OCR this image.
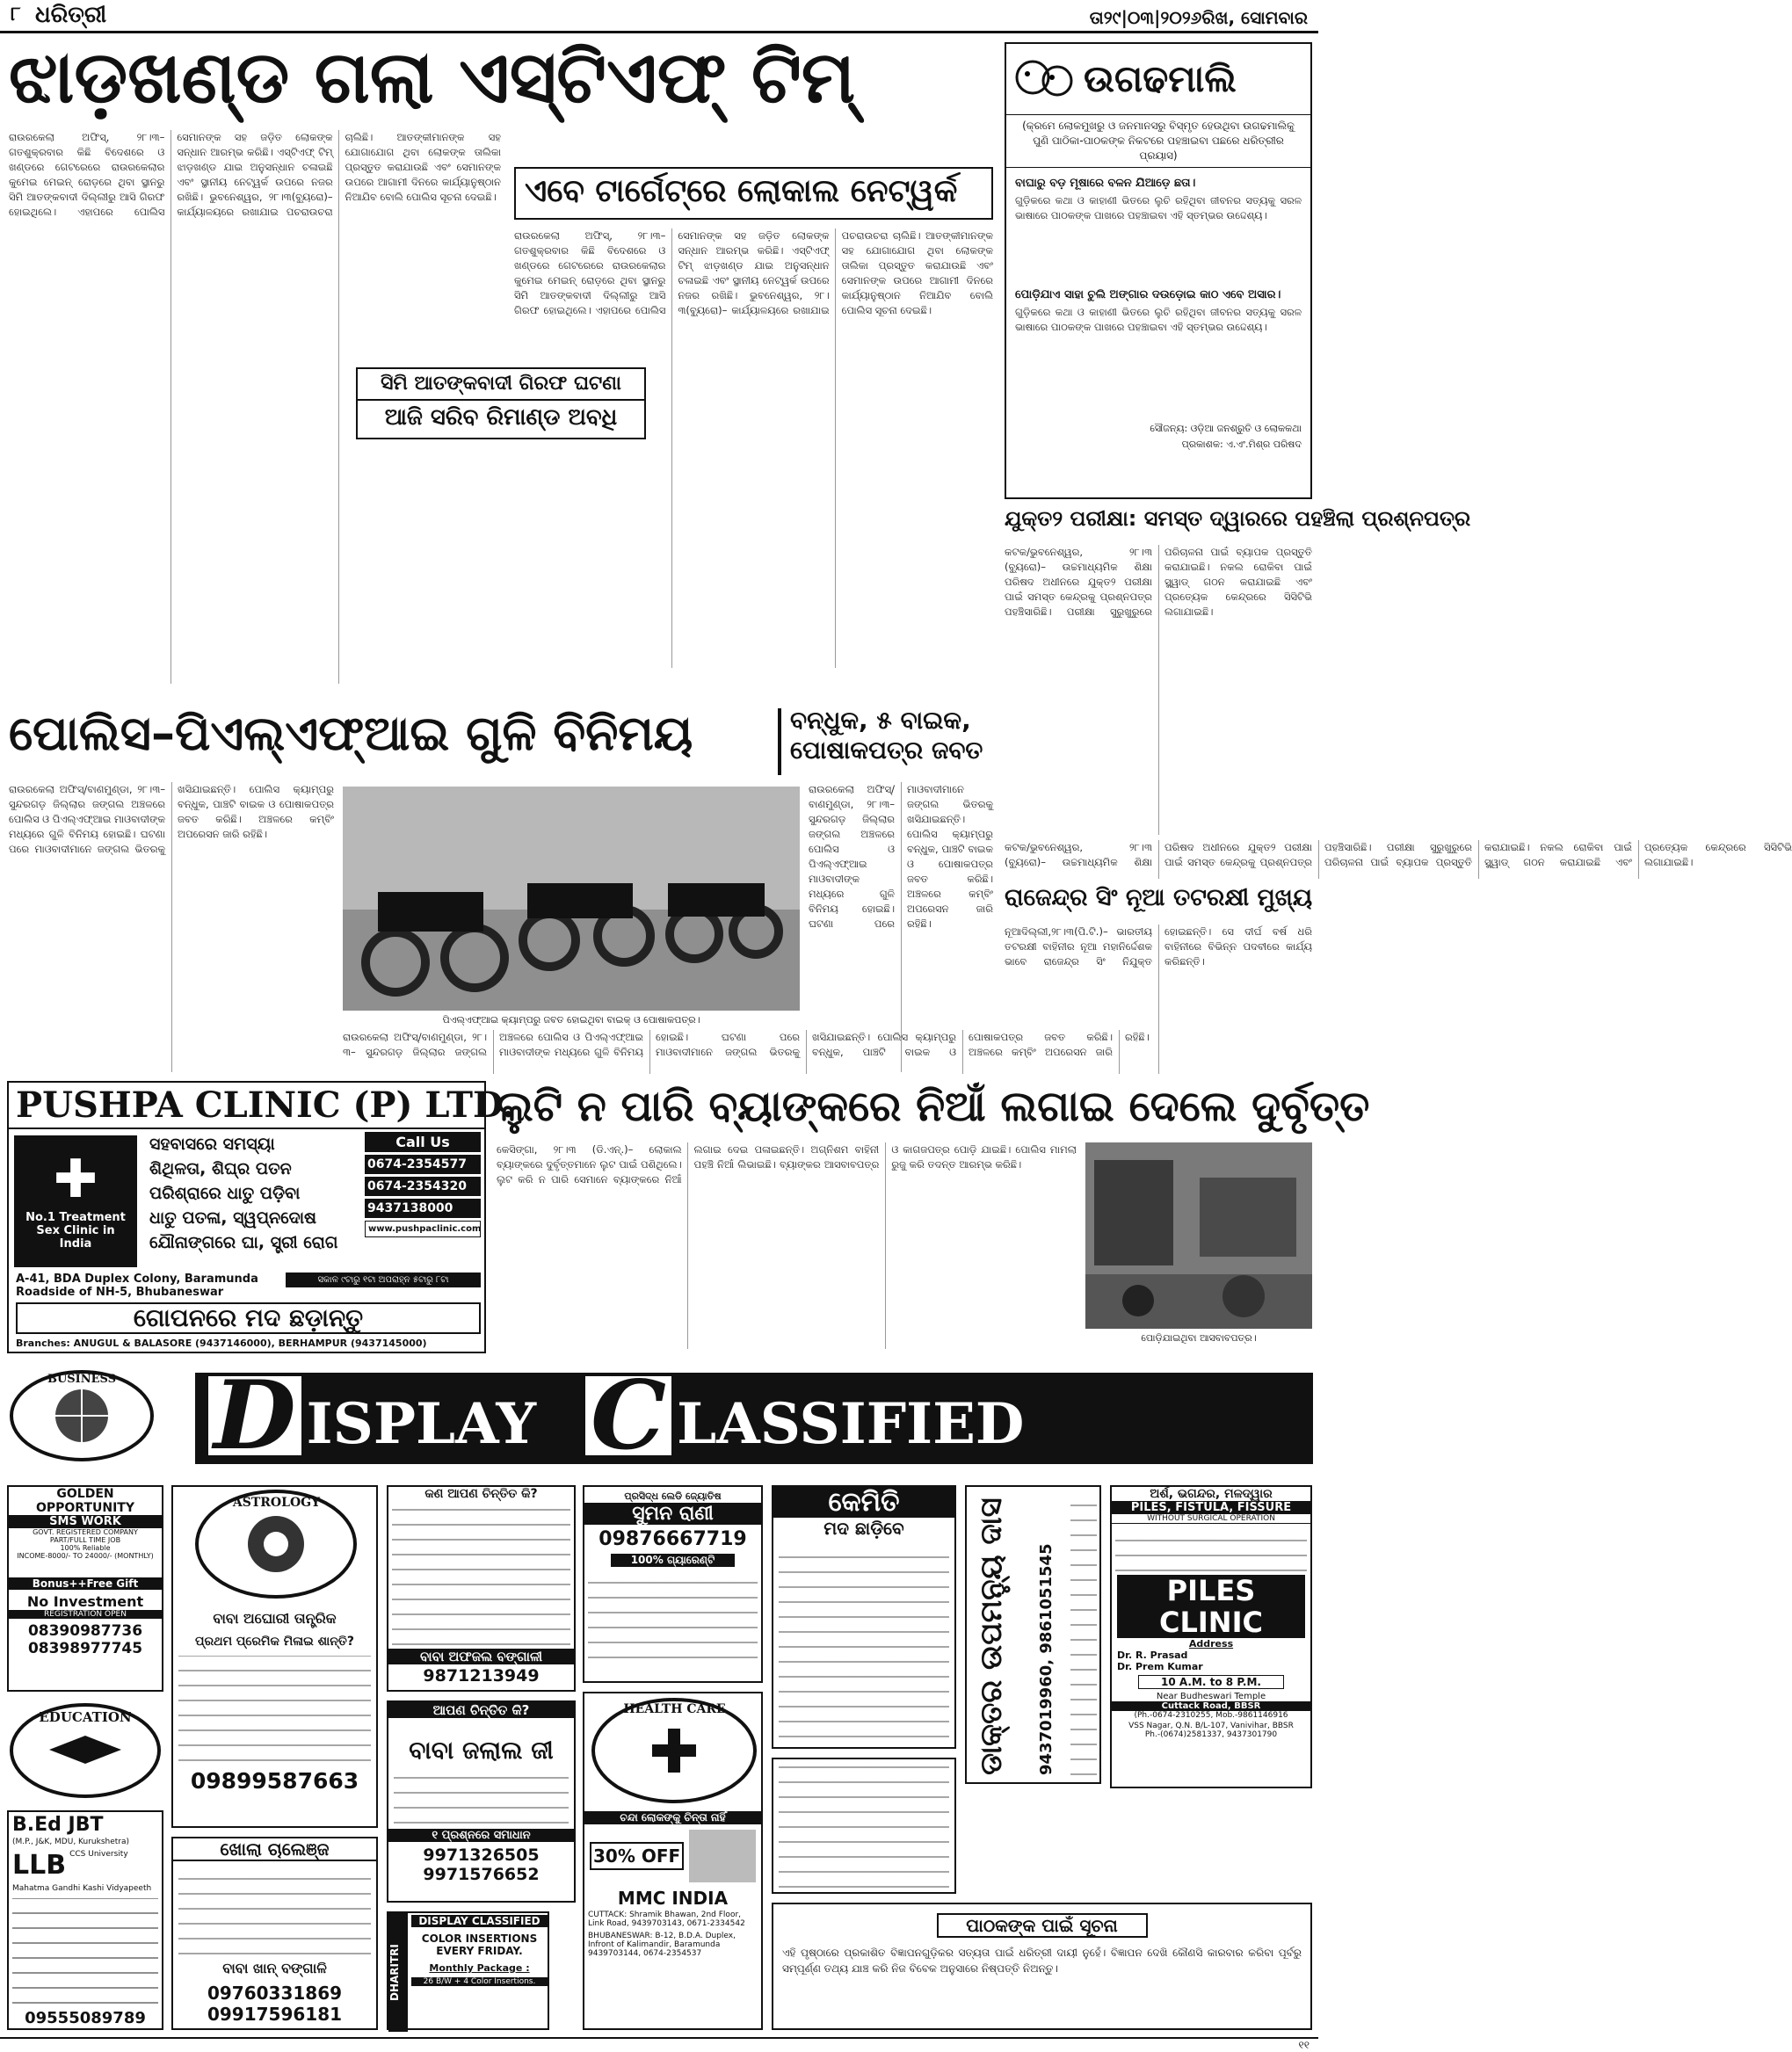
୮ ଧରିତ୍ରୀ	ତା୨୯|୦୩|୨୦୨୬ରିଖ, ସୋମବାର
ଝାଡ଼ଖଣ୍ଡ ଗଲା ଏସ୍‌ଟିଏଫ୍ ଟିମ୍
ରାଉରକେଲା ଅଫିସ୍, ୨୮।୩– ଗତଶୁକ୍ରବାର କିଛି ବିଦେଶରେ ଓ ଖଣ୍ଡରେ ଗେଟରେରେ ରାଉରକେଲାର କୁମେଇ ମେଇନ୍ ରୋଡ଼ରେ ଥିବା ସ୍ଥାନରୁ ସିମି ଆତଙ୍କବାଦୀ ଦିଲ୍ଲୀରୁ ଆସି ଗିରଫ ହୋଇଥିଲେ। ଏହାପରେ ପୋଲିସ ସେମାନଙ୍କ ସହ ଜଡ଼ିତ ଲୋକଙ୍କ ସନ୍ଧାନ ଆରମ୍ଭ କରିଛି। ଏସ୍‌ଟିଏଫ୍ ଟିମ୍ ଝାଡ଼ଖଣ୍ଡ ଯାଇ ଅନୁସନ୍ଧାନ ଚଳାଇଛି ଏବଂ ସ୍ଥାନୀୟ ନେଟ୍‌ୱର୍କ ଉପରେ ନଜର ରଖିଛି। ଭୁବନେଶ୍ୱର, ୨୮।୩(ବ୍ୟୁରୋ)– କାର୍ଯ୍ୟାଳୟରେ ରଖାଯାଇ ପଚରାଉଚରା ଚାଲିଛି। ଆତଙ୍କୀମାନଙ୍କ ସହ ଯୋଗାଯୋଗ ଥିବା ଲୋକଙ୍କ ତାଲିକା ପ୍ରସ୍ତୁତ କରାଯାଉଛି ଏବଂ ସେମାନଙ୍କ ଉପରେ ଆଗାମୀ ଦିନରେ କାର୍ଯ୍ୟାନୁଷ୍ଠାନ ନିଆଯିବ ବୋଲି ପୋଲିସ ସୂଚନା ଦେଇଛି। ଏବେ ଟାର୍ଗେଟ୍‌ରେ ଲୋକାଲ ନେଟ୍‌ୱର୍କ
ରାଉରକେଲା ଅଫିସ୍, ୨୮।୩– ଗତଶୁକ୍ରବାର କିଛି ବିଦେଶରେ ଓ ଖଣ୍ଡରେ ଗେଟରେରେ ରାଉରକେଲାର କୁମେଇ ମେଇନ୍ ରୋଡ଼ରେ ଥିବା ସ୍ଥାନରୁ ସିମି ଆତଙ୍କବାଦୀ ଦିଲ୍ଲୀରୁ ଆସି ଗିରଫ ହୋଇଥିଲେ। ଏହାପରେ ପୋଲିସ ସେମାନଙ୍କ ସହ ଜଡ଼ିତ ଲୋକଙ୍କ ସନ୍ଧାନ ଆରମ୍ଭ କରିଛି। ଏସ୍‌ଟିଏଫ୍ ଟିମ୍ ଝାଡ଼ଖଣ୍ଡ ଯାଇ ଅନୁସନ୍ଧାନ ଚଳାଇଛି ଏବଂ ସ୍ଥାନୀୟ ନେଟ୍‌ୱର୍କ ଉପରେ ନଜର ରଖିଛି। ଭୁବନେଶ୍ୱର, ୨୮।୩(ବ୍ୟୁରୋ)– କାର୍ଯ୍ୟାଳୟରେ ରଖାଯାଇ ପଚରାଉଚରା ଚାଲିଛି। ଆତଙ୍କୀମାନଙ୍କ ସହ ଯୋଗାଯୋଗ ଥିବା ଲୋକଙ୍କ ତାଲିକା ପ୍ରସ୍ତୁତ କରାଯାଉଛି ଏବଂ ସେମାନଙ୍କ ଉପରେ ଆଗାମୀ ଦିନରେ କାର୍ଯ୍ୟାନୁଷ୍ଠାନ ନିଆଯିବ ବୋଲି ପୋଲିସ ସୂଚନା ଦେଇଛି।
ସିମି ଆତଙ୍କବାଦୀ ଗିରଫ ଘଟଣା
ଆଜି ସରିବ ରିମାଣ୍ଡ ଅବଧି
ଉଗଢମାଲି
(କ୍ରମେ ଲୋକମୁଖରୁ ଓ ଜନମାନସରୁ ବିସ୍ମୃତ ହେଉଥିବା ଉଗଢମାଲିକୁ ପୁଣି ପାଠିକା-ପାଠକଙ୍କ ନିକଟରେ ପହଞ୍ଚାଇବା ପଛରେ ଧରିତ୍ରୀର ପ୍ରୟାସ)
ବାଘାରୁ ବଡ଼ ମୂଷାରେ ବଳନ ଯିଆଡ଼େ ଛତା।
ଗୁଡ଼ିକରେ କଥା ଓ କାହାଣୀ ଭିତରେ ଲୁଚି ରହିଥିବା ଜୀବନର ସତ୍ୟକୁ ସରଳ ଭାଷାରେ ପାଠକଙ୍କ ପାଖରେ ପହଞ୍ଚାଇବା ଏହି ସ୍ତମ୍ଭର ଉଦ୍ଦେଶ୍ୟ।
ପୋଡ଼ିଯାଏ ସାହା ଚୁଲି ଅଙ୍ଗାର ଦଉଡ଼ୋଇ କାଠ ଏବେ ଅସାର।
ଗୁଡ଼ିକରେ କଥା ଓ କାହାଣୀ ଭିତରେ ଲୁଚି ରହିଥିବା ଜୀବନର ସତ୍ୟକୁ ସରଳ ଭାଷାରେ ପାଠକଙ୍କ ପାଖରେ ପହଞ୍ଚାଇବା ଏହି ସ୍ତମ୍ଭର ଉଦ୍ଦେଶ୍ୟ।
ସୌଜନ୍ୟ: ଓଡ଼ିଆ ଜନଶ୍ରୁତି ଓ ଲୋକକଥା
ପ୍ରକାଶକ: ଏ.ଏଂ.ମିଶ୍ର ପରିଷଦ
ଯୁକ୍ତ୨ ପରୀକ୍ଷା: ସମସ୍ତ ଦ୍ୱାରରେ ପହଞ୍ଚିଲା ପ୍ରଶ୍ନପତ୍ର
କଟକ/ଭୁବନେଶ୍ୱର, ୨୮।୩ (ବ୍ୟୁରୋ)– ଉଚ୍ଚମାଧ୍ୟମିକ ଶିକ୍ଷା ପରିଷଦ ଅଧୀନରେ ଯୁକ୍ତ୨ ପରୀକ୍ଷା ପାଇଁ ସମସ୍ତ କେନ୍ଦ୍ରକୁ ପ୍ରଶ୍ନପତ୍ର ପହଞ୍ଚିସାରିଛି। ପରୀକ୍ଷା ସୁରୁଖୁରୁରେ ପରିଚାଳନା ପାଇଁ ବ୍ୟାପକ ପ୍ରସ୍ତୁତି କରାଯାଇଛି। ନକଲ ରୋକିବା ପାଇଁ ସ୍କ୍ୱାଡ୍ ଗଠନ କରାଯାଇଛି ଏବଂ ପ୍ରତ୍ୟେକ କେନ୍ଦ୍ରରେ ସିସିଟିଭି ଲଗାଯାଇଛି।
ପୋଲିସ–ପିଏଲ୍‌ଏଫ୍‌ଆଇ ଗୁଳି ବିନିମୟ	ବନ୍ଧୁକ, ୫ ବାଇକ,
ପୋଷାକପତ୍ର ଜବତ
ରାଉରକେଲା ଅଫିସ୍/ବାଣମୁଣ୍ଡା, ୨୮।୩– ସୁନ୍ଦରଗଡ଼ ଜିଲ୍ଲାର ଜଙ୍ଗଲ ଅଞ୍ଚଳରେ ପୋଲିସ ଓ ପିଏଲ୍‌ଏଫ୍‌ଆଇ ମାଓବାଦୀଙ୍କ ମଧ୍ୟରେ ଗୁଳି ବିନିମୟ ହୋଇଛି। ଘଟଣା ପରେ ମାଓବାଦୀମାନେ ଜଙ୍ଗଲ ଭିତରକୁ ଖସିଯାଇଛନ୍ତି। ପୋଲିସ କ୍ୟାମ୍ପରୁ ବନ୍ଧୁକ, ପାଞ୍ଚଟି ବାଇକ ଓ ପୋଷାକପତ୍ର ଜବତ କରିଛି। ଅଞ୍ଚଳରେ କମ୍ବିଂ ଅପରେସନ ଜାରି ରହିଛି।
ପିଏଲ୍‌ଏଫ୍‌ଆଇ କ୍ୟାମ୍ପରୁ ଜବତ ହୋଇଥିବା ବାଇକ୍ ଓ ପୋଷାକପତ୍ର।
ରାଉରକେଲା ଅଫିସ୍/ବାଣମୁଣ୍ଡା, ୨୮।୩– ସୁନ୍ଦରଗଡ଼ ଜିଲ୍ଲାର ଜଙ୍ଗଲ ଅଞ୍ଚଳରେ ପୋଲିସ ଓ ପିଏଲ୍‌ଏଫ୍‌ଆଇ ମାଓବାଦୀଙ୍କ ମଧ୍ୟରେ ଗୁଳି ବିନିମୟ ହୋଇଛି। ଘଟଣା ପରେ ମାଓବାଦୀମାନେ ଜଙ୍ଗଲ ଭିତରକୁ ଖସିଯାଇଛନ୍ତି। ପୋଲିସ କ୍ୟାମ୍ପରୁ ବନ୍ଧୁକ, ପାଞ୍ଚଟି ବାଇକ ଓ ପୋଷାକପତ୍ର ଜବତ କରିଛି। ଅଞ୍ଚଳରେ କମ୍ବିଂ ଅପରେସନ ଜାରି ରହିଛି।
ରାଉରକେଲା ଅଫିସ୍/ବାଣମୁଣ୍ଡା, ୨୮।୩– ସୁନ୍ଦରଗଡ଼ ଜିଲ୍ଲାର ଜଙ୍ଗଲ ଅଞ୍ଚଳରେ ପୋଲିସ ଓ ପିଏଲ୍‌ଏଫ୍‌ଆଇ ମାଓବାଦୀଙ୍କ ମଧ୍ୟରେ ଗୁଳି ବିନିମୟ ହୋଇଛି। ଘଟଣା ପରେ ମାଓବାଦୀମାନେ ଜଙ୍ଗଲ ଭିତରକୁ ଖସିଯାଇଛନ୍ତି। ପୋଲିସ କ୍ୟାମ୍ପରୁ ବନ୍ଧୁକ, ପାଞ୍ଚଟି ବାଇକ ଓ ପୋଷାକପତ୍ର ଜବତ କରିଛି। ଅଞ୍ଚଳରେ କମ୍ବିଂ ଅପରେସନ ଜାରି ରହିଛି।
କଟକ/ଭୁବନେଶ୍ୱର, ୨୮।୩ (ବ୍ୟୁରୋ)– ଉଚ୍ଚମାଧ୍ୟମିକ ଶିକ୍ଷା ପରିଷଦ ଅଧୀନରେ ଯୁକ୍ତ୨ ପରୀକ୍ଷା ପାଇଁ ସମସ୍ତ କେନ୍ଦ୍ରକୁ ପ୍ରଶ୍ନପତ୍ର ପହଞ୍ଚିସାରିଛି। ପରୀକ୍ଷା ସୁରୁଖୁରୁରେ ପରିଚାଳନା ପାଇଁ ବ୍ୟାପକ ପ୍ରସ୍ତୁତି କରାଯାଇଛି। ନକଲ ରୋକିବା ପାଇଁ ସ୍କ୍ୱାଡ୍ ଗଠନ କରାଯାଇଛି ଏବଂ ପ୍ରତ୍ୟେକ କେନ୍ଦ୍ରରେ ସିସିଟିଭି ଲଗାଯାଇଛି।
ରାଜେନ୍ଦ୍ର ସିଂ ନୂଆ ତଟରକ୍ଷୀ ମୁଖ୍ୟ
ନୂଆଦିଲ୍ଲୀ,୨୮।୩(ପି.ଟି.)– ଭାରତୀୟ ତଟରକ୍ଷୀ ବାହିନୀର ନୂଆ ମହାନିର୍ଦ୍ଦେଶକ ଭାବେ ରାଜେନ୍ଦ୍ର ସିଂ ନିଯୁକ୍ତ ହୋଇଛନ୍ତି। ସେ ଦୀର୍ଘ ବର୍ଷ ଧରି ବାହିନୀରେ ବିଭିନ୍ନ ପଦବୀରେ କାର୍ଯ୍ୟ କରିଛନ୍ତି।
PUSHPA CLINIC (P) LTD.
✚
No.1 Treatment Sex Clinic in India
ସହବାସରେ ସମସ୍ୟା
ଶିଥିଳତା, ଶିଘ୍ର ପତନ
ପରିଶ୍ରାରେ ଧାତୁ ପଡ଼ିବା
ଧାତୁ ପତଳା, ସ୍ୱପ୍ନଦୋଷ
ଯୌନାଙ୍ଗରେ ଘା, ସ୍ତ୍ରୀ ରୋଗ
Call Us
0674-2354577
0674-2354320
9437138000
www.pushpaclinic.com
A-41, BDA Duplex Colony, Baramunda
Roadside of NH-5, Bhubaneswar
ସକାଳ ୯ଟାରୁ ୧ଟା ଅପରାହ୍ନ ୫ଟାରୁ ୮ଟା
ଗୋପନରେ ମଦ ଛଡ଼ାନ୍ତୁ
Branches: ANUGUL & BALASORE (9437146000), BERHAMPUR (9437145000)
ଲୁଟି ନ ପାରି ବ୍ୟାଙ୍କରେ ନିଆଁ ଲଗାଇ ଦେଲେ ଦୁର୍ବୃତ୍ତ
କେସିଙ୍ଗା, ୨୮।୩ (ଡି.ଏନ୍.)– ଲୋକାଲ ବ୍ୟାଙ୍କରେ ଦୁର୍ବୃତ୍ତମାନେ ଲୁଟ ପାଇଁ ପଶିଥିଲେ। ଲୁଟ କରି ନ ପାରି ସେମାନେ ବ୍ୟାଙ୍କରେ ନିଆଁ ଲଗାଇ ଦେଇ ପଳାଇଛନ୍ତି। ଅଗ୍ନିଶମ ବାହିନୀ ପହଞ୍ଚି ନିଆଁ ଲିଭାଇଛି। ବ୍ୟାଙ୍କର ଆସବାବପତ୍ର ଓ କାଗଜପତ୍ର ପୋଡ଼ି ଯାଇଛି। ପୋଲିସ ମାମଲା ରୁଜୁ କରି ତଦନ୍ତ ଆରମ୍ଭ କରିଛି।
ପୋଡ଼ିଯାଇଥିବା ଆସବାବପତ୍ର।
BUSINESS	D ISPLAY C LASSIFIED
GOLDEN OPPORTUNITY
SMS WORK
GOVT. REGISTERED COMPANY
PART/FULL TIME JOB
100% Reliable
INCOME-8000/- TO 24000/- (MONTHLY)
Bonus++Free Gift
No Investment
REGISTRATION OPEN
08390987736
08398977745
EDUCATION
B.Ed JBT
(M.P., J&K, MDU, Kurukshetra)
LLB CCS University
Mahatma Gandhi Kashi Vidyapeeth
09555089789
ASTROLOGY
ବାବା ଅଘୋରୀ ତାନ୍ତ୍ରିକ
ପ୍ରଥମ ପ୍ରେମିକ ମିଳାଇ ଶାନ୍ତି?
09899587663
ଖୋଲା ଚାଲେଞ୍ଜ
ବାବା ଖାନ୍ ବଙ୍ଗାଳି
09760331869
09917596181
କଣ ଆପଣ ଚିନ୍ତିତ କି?
ବାବା ଅଫଜଲ ବଙ୍ଗାଳୀ
9871213949
ଆପଣ ଚିନ୍ତିତ କି?
ବାବା ଜଲାଲ ଜୀ
୧ ପ୍ରଶ୍ନରେ ସମାଧାନ
9971326505
9971576652
DHARITRI
DISPLAY CLASSIFIED
COLOR INSERTIONS
EVERY FRIDAY.
Monthly Package :
26 B/W + 4 Color Insertions.
ପ୍ରସିଦ୍ଧ ଲେଡି ଜ୍ୟୋତିଷ
ସୁମନ ରାଣୀ
09876667719
100% ଗ୍ୟାରେଣ୍ଟି
HEALTH CARE
ଚନ୍ଦା ଲୋକଙ୍କୁ ଚିନ୍ତା ନାହିଁ
30% OFF
MMC INDIA
CUTTACK: Shramik Bhawan, 2nd Floor, Link Road, 9439703143, 0671-2334542
BHUBANESWAR: B-12, B.D.A. Duplex, Infront of Kalimandir, Baramunda 9439703144, 0674-2354537
କେମିତି
ମଦ ଛାଡ଼ିବେ	ଡାକ୍ତର ଉପମନ୍ୟୁ ଦାସ	9437019960, 9861051545
ଅର୍ଶ, ଭଗନ୍ଦର, ମଳଦ୍ୱାର
PILES, FISTULA, FISSURE
WITHOUT SURGICAL OPERATION
PILES CLINIC
Address
Dr. R. Prasad
Dr. Prem Kumar
10 A.M. to 8 P.M.
Near Budheswari Temple
Cuttack Road, BBSR
(Ph.-0674-2310255, Mob.-9861146916
VSS Nagar, Q.N. B/L-107, Vanivihar, BBSR
Ph.-(0674)2581337, 9437301790
ପାଠକଙ୍କ ପାଇଁ ସୂଚନା
ଏହି ପୃଷ୍ଠାରେ ପ୍ରକାଶିତ ବିଜ୍ଞାପନଗୁଡ଼ିକର ସତ୍ୟତା ପାଇଁ ଧରିତ୍ରୀ ଦାୟୀ ନୁହେଁ। ବିଜ୍ଞାପନ ଦେଖି କୌଣସି କାରବାର କରିବା ପୂର୍ବରୁ ସମ୍ପୂର୍ଣ୍ଣ ତଥ୍ୟ ଯାଞ୍ଚ କରି ନିଜ ବିବେକ ଅନୁସାରେ ନିଷ୍ପତ୍ତି ନିଅନ୍ତୁ।
୧୧
